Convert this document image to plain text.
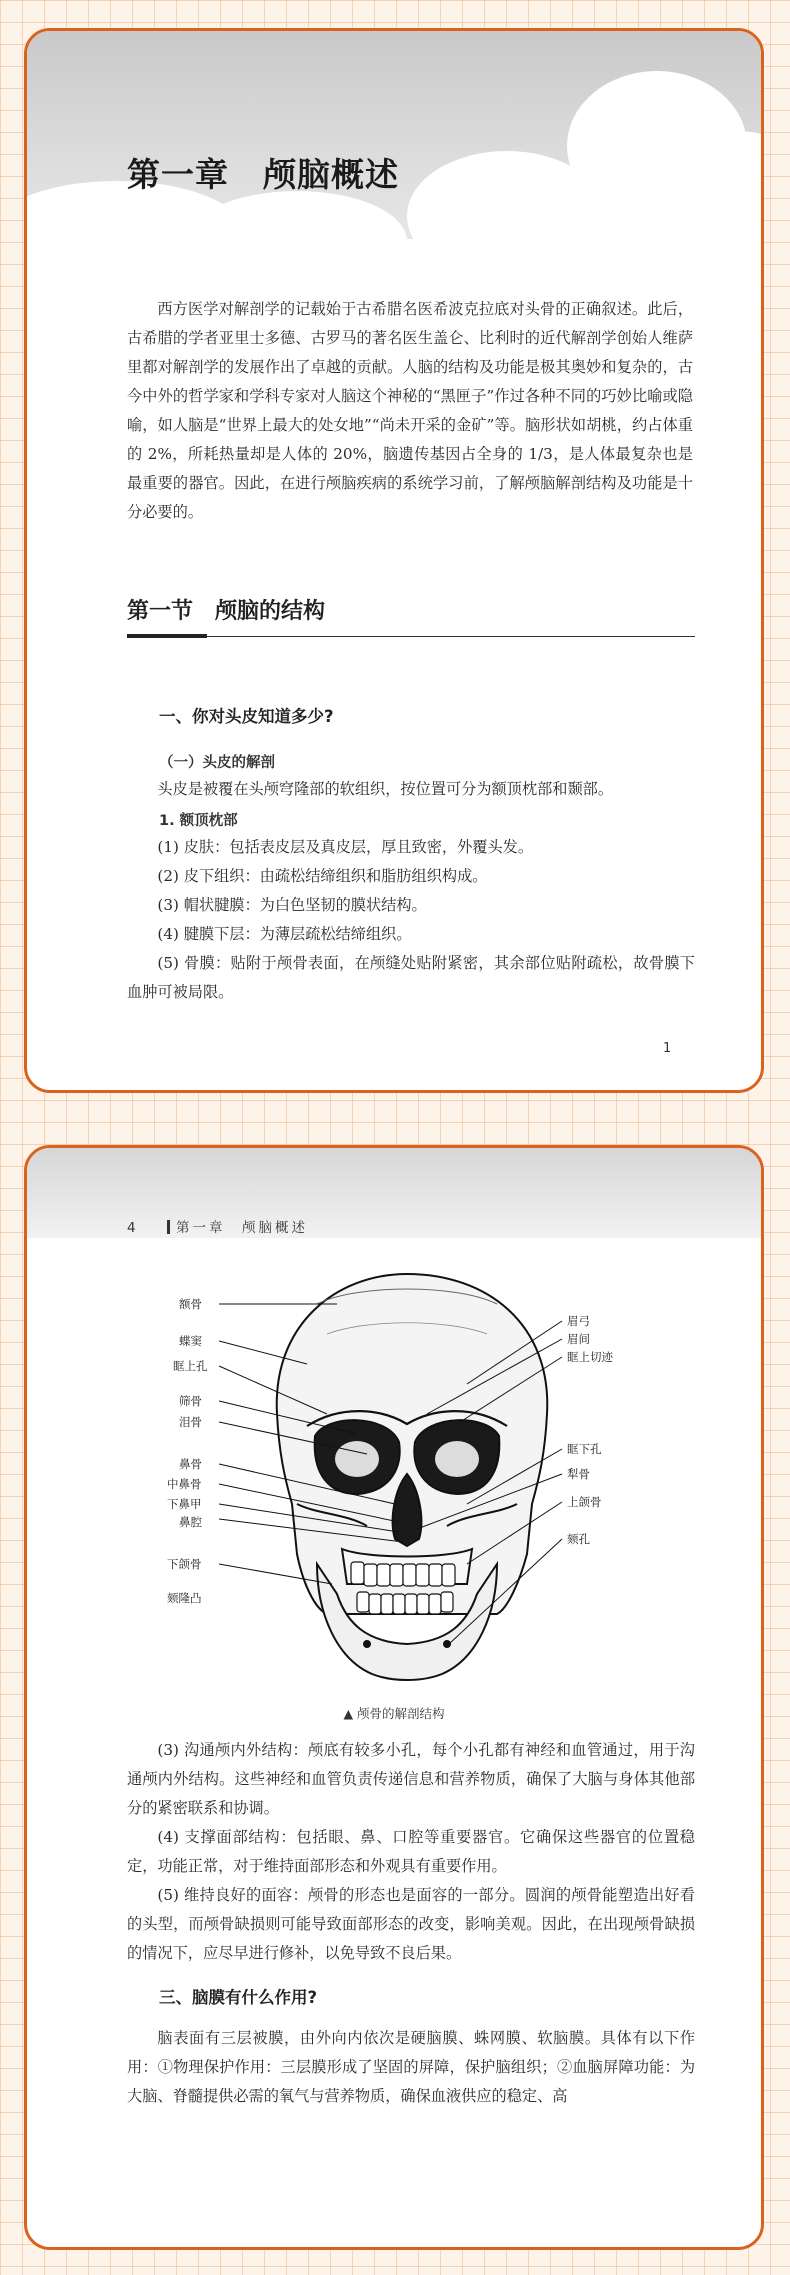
第一章　颅脑概述

西方医学对解剖学的记载始于古希腊名医希波克拉底对头骨的正确叙述。此后，古希腊的学者亚里士多德、古罗马的著名医生盖仑、比利时的近代解剖学创始人维萨里都对解剖学的发展作出了卓越的贡献。人脑的结构及功能是极其奥妙和复杂的，古今中外的哲学家和学科专家对人脑这个神秘的“黑匣子”作过各种不同的巧妙比喻或隐喻，如人脑是“世界上最大的处女地”“尚未开采的金矿”等。脑形状如胡桃，约占体重的 2%，所耗热量却是人体的 20%，脑遗传基因占全身的 1/3，是人体最复杂也是最重要的器官。因此，在进行颅脑疾病的系统学习前，了解颅脑解剖结构及功能是十分必要的。

第一节　颅脑的结构
一、你对头皮知道多少?
（一）头皮的解剖

头皮是被覆在头颅穹隆部的软组织，按位置可分为额顶枕部和颞部。

1. 额顶枕部

(1) 皮肤：包括表皮层及真皮层，厚且致密，外覆头发。

(2) 皮下组织：由疏松结缔组织和脂肪组织构成。

(3) 帽状腱膜：为白色坚韧的膜状结构。

(4) 腱膜下层：为薄层疏松结缔组织。

(5) 骨膜：贴附于颅骨表面，在颅缝处贴附紧密，其余部位贴附疏松，故骨膜下血肿可被局限。

1
4	第一章　颅脑概述
额骨
蝶窦
眶上孔
筛骨
泪骨
鼻骨
中鼻骨
下鼻甲
鼻腔
下颌骨
颏隆凸
眉弓
眉间
眶上切迹
眶下孔
犁骨
上颌骨
颏孔
▲ 颅骨的解剖结构

(3) 沟通颅内外结构：颅底有较多小孔，每个小孔都有神经和血管通过，用于沟通颅内外结构。这些神经和血管负责传递信息和营养物质，确保了大脑与身体其他部分的紧密联系和协调。

(4) 支撑面部结构：包括眼、鼻、口腔等重要器官。它确保这些器官的位置稳定，功能正常，对于维持面部形态和外观具有重要作用。

(5) 维持良好的面容：颅骨的形态也是面容的一部分。圆润的颅骨能塑造出好看的头型，而颅骨缺损则可能导致面部形态的改变，影响美观。因此，在出现颅骨缺损的情况下，应尽早进行修补，以免导致不良后果。

三、脑膜有什么作用?

脑表面有三层被膜，由外向内依次是硬脑膜、蛛网膜、软脑膜。具体有以下作用：①物理保护作用：三层膜形成了坚固的屏障，保护脑组织；②血脑屏障功能：为大脑、脊髓提供必需的氧气与营养物质，确保血液供应的稳定、高
